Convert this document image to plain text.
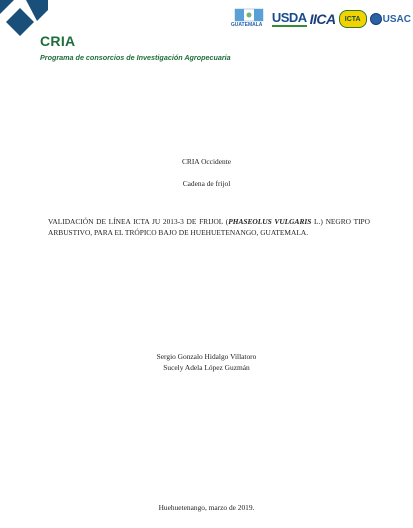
CRIA
Programa de consorcios de Investigación Agropecuaria
GUATEMALA USDA IICA	ICTA	USAC
CRIA Occidente
Cadena de frijol
VALIDACIÓN DE LÍNEA ICTA JU 2013-3 DE FRIJOL (PHASEOLUS VULGARIS L.) NEGRO TIPO ARBUSTIVO, PARA EL TRÓPICO BAJO DE HUEHUETENANGO, GUATEMALA.
Sergio Gonzalo Hidalgo Villatoro
Sucely Adela López Guzmán
Huehuetenango, marzo de 2019.
